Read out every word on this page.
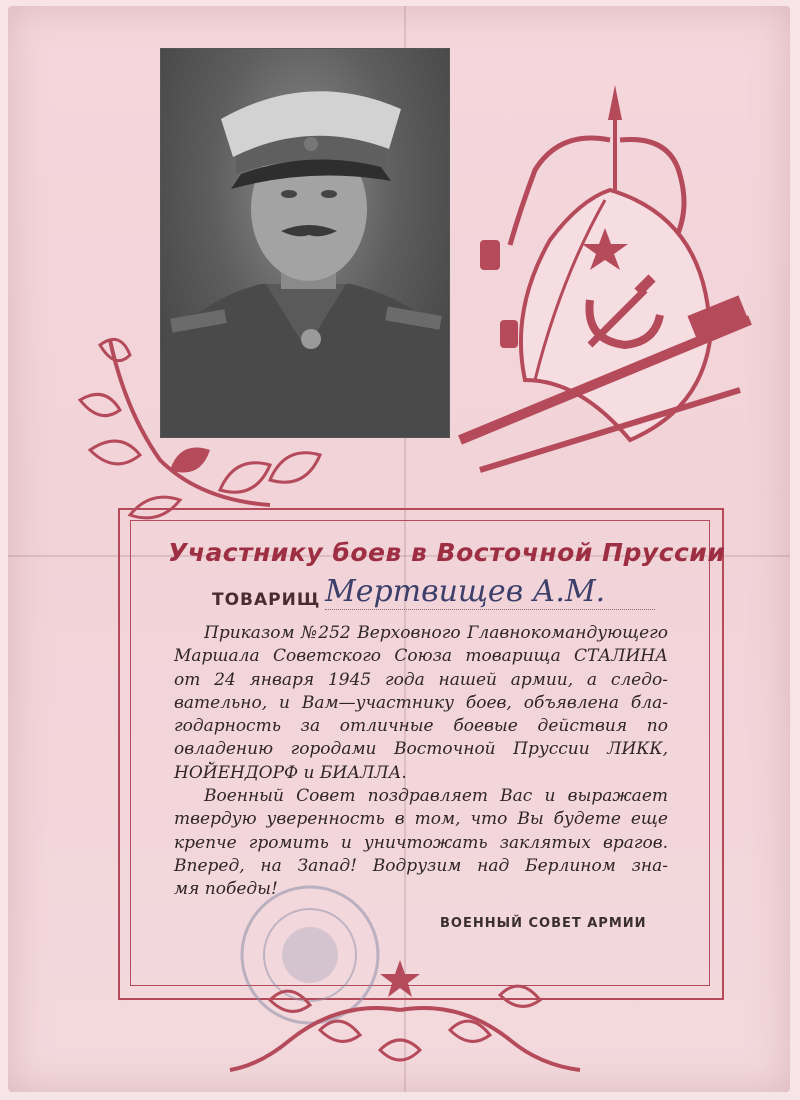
Участнику боев в Восточной Пруссии
ТОВАРИЩ Мертвищев А.М.
Приказом №252 Верховного Главнокомандующего
Маршала Советского Союза товарища СТАЛИНА
от 24 января 1945 года нашей армии, а следо-
вательно, и Вам—участнику боев, объявлена бла-
годарность за отличные боевые действия по
овладению городами Восточной Пруссии ЛИКК,
НОЙЕНДОРФ и БИАЛЛА.
Военный Совет поздравляет Вас и выражает
твердую уверенность в том, что Вы будете еще
крепче громить и уничтожать заклятых врагов.
Вперед, на Запад! Водрузим над Берлином зна-
мя победы!
ВОЕННЫЙ СОВЕТ АРМИИ
